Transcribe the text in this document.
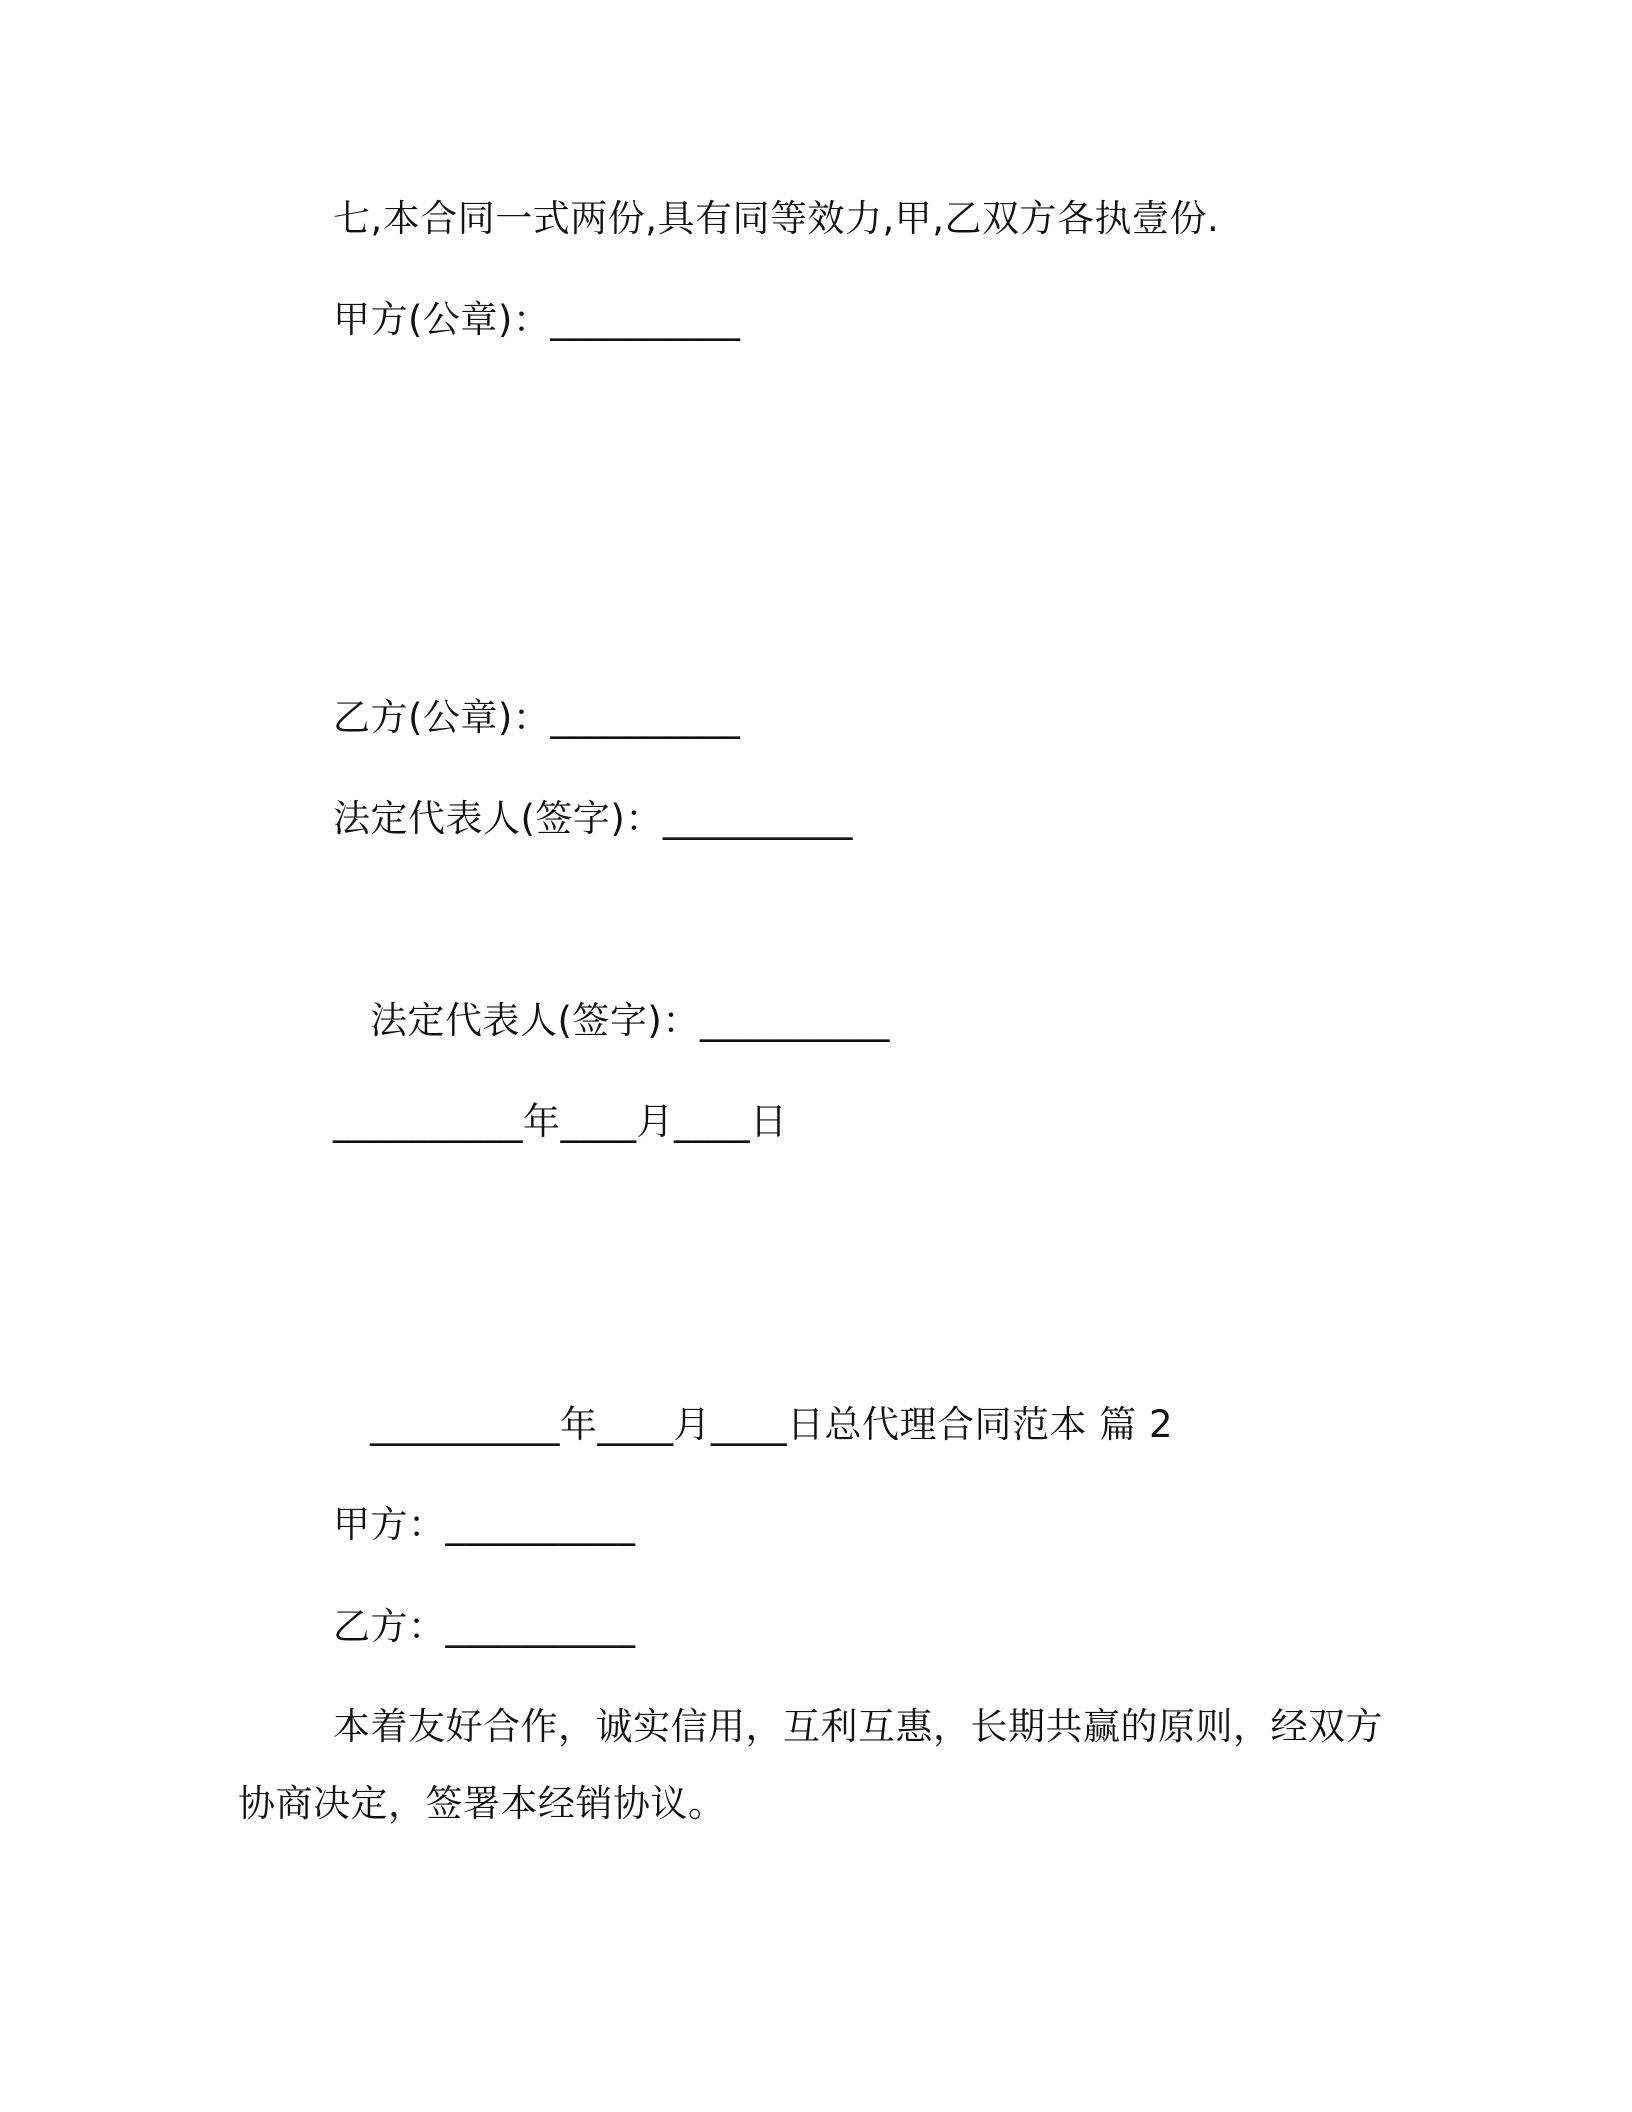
七,本合同一式两份,具有同等效力,甲,乙双方各执壹份.
甲方(公章)：__________
乙方(公章)：__________
法定代表人(签字)：__________
法定代表人(签字)：__________
__________年____月____日
__________年____月____日总代理合同范本 篇 2
甲方：__________
乙方：__________
本着友好合作，诚实信用，互利互惠，长期共赢的原则，经双方
协商决定，签署本经销协议。
